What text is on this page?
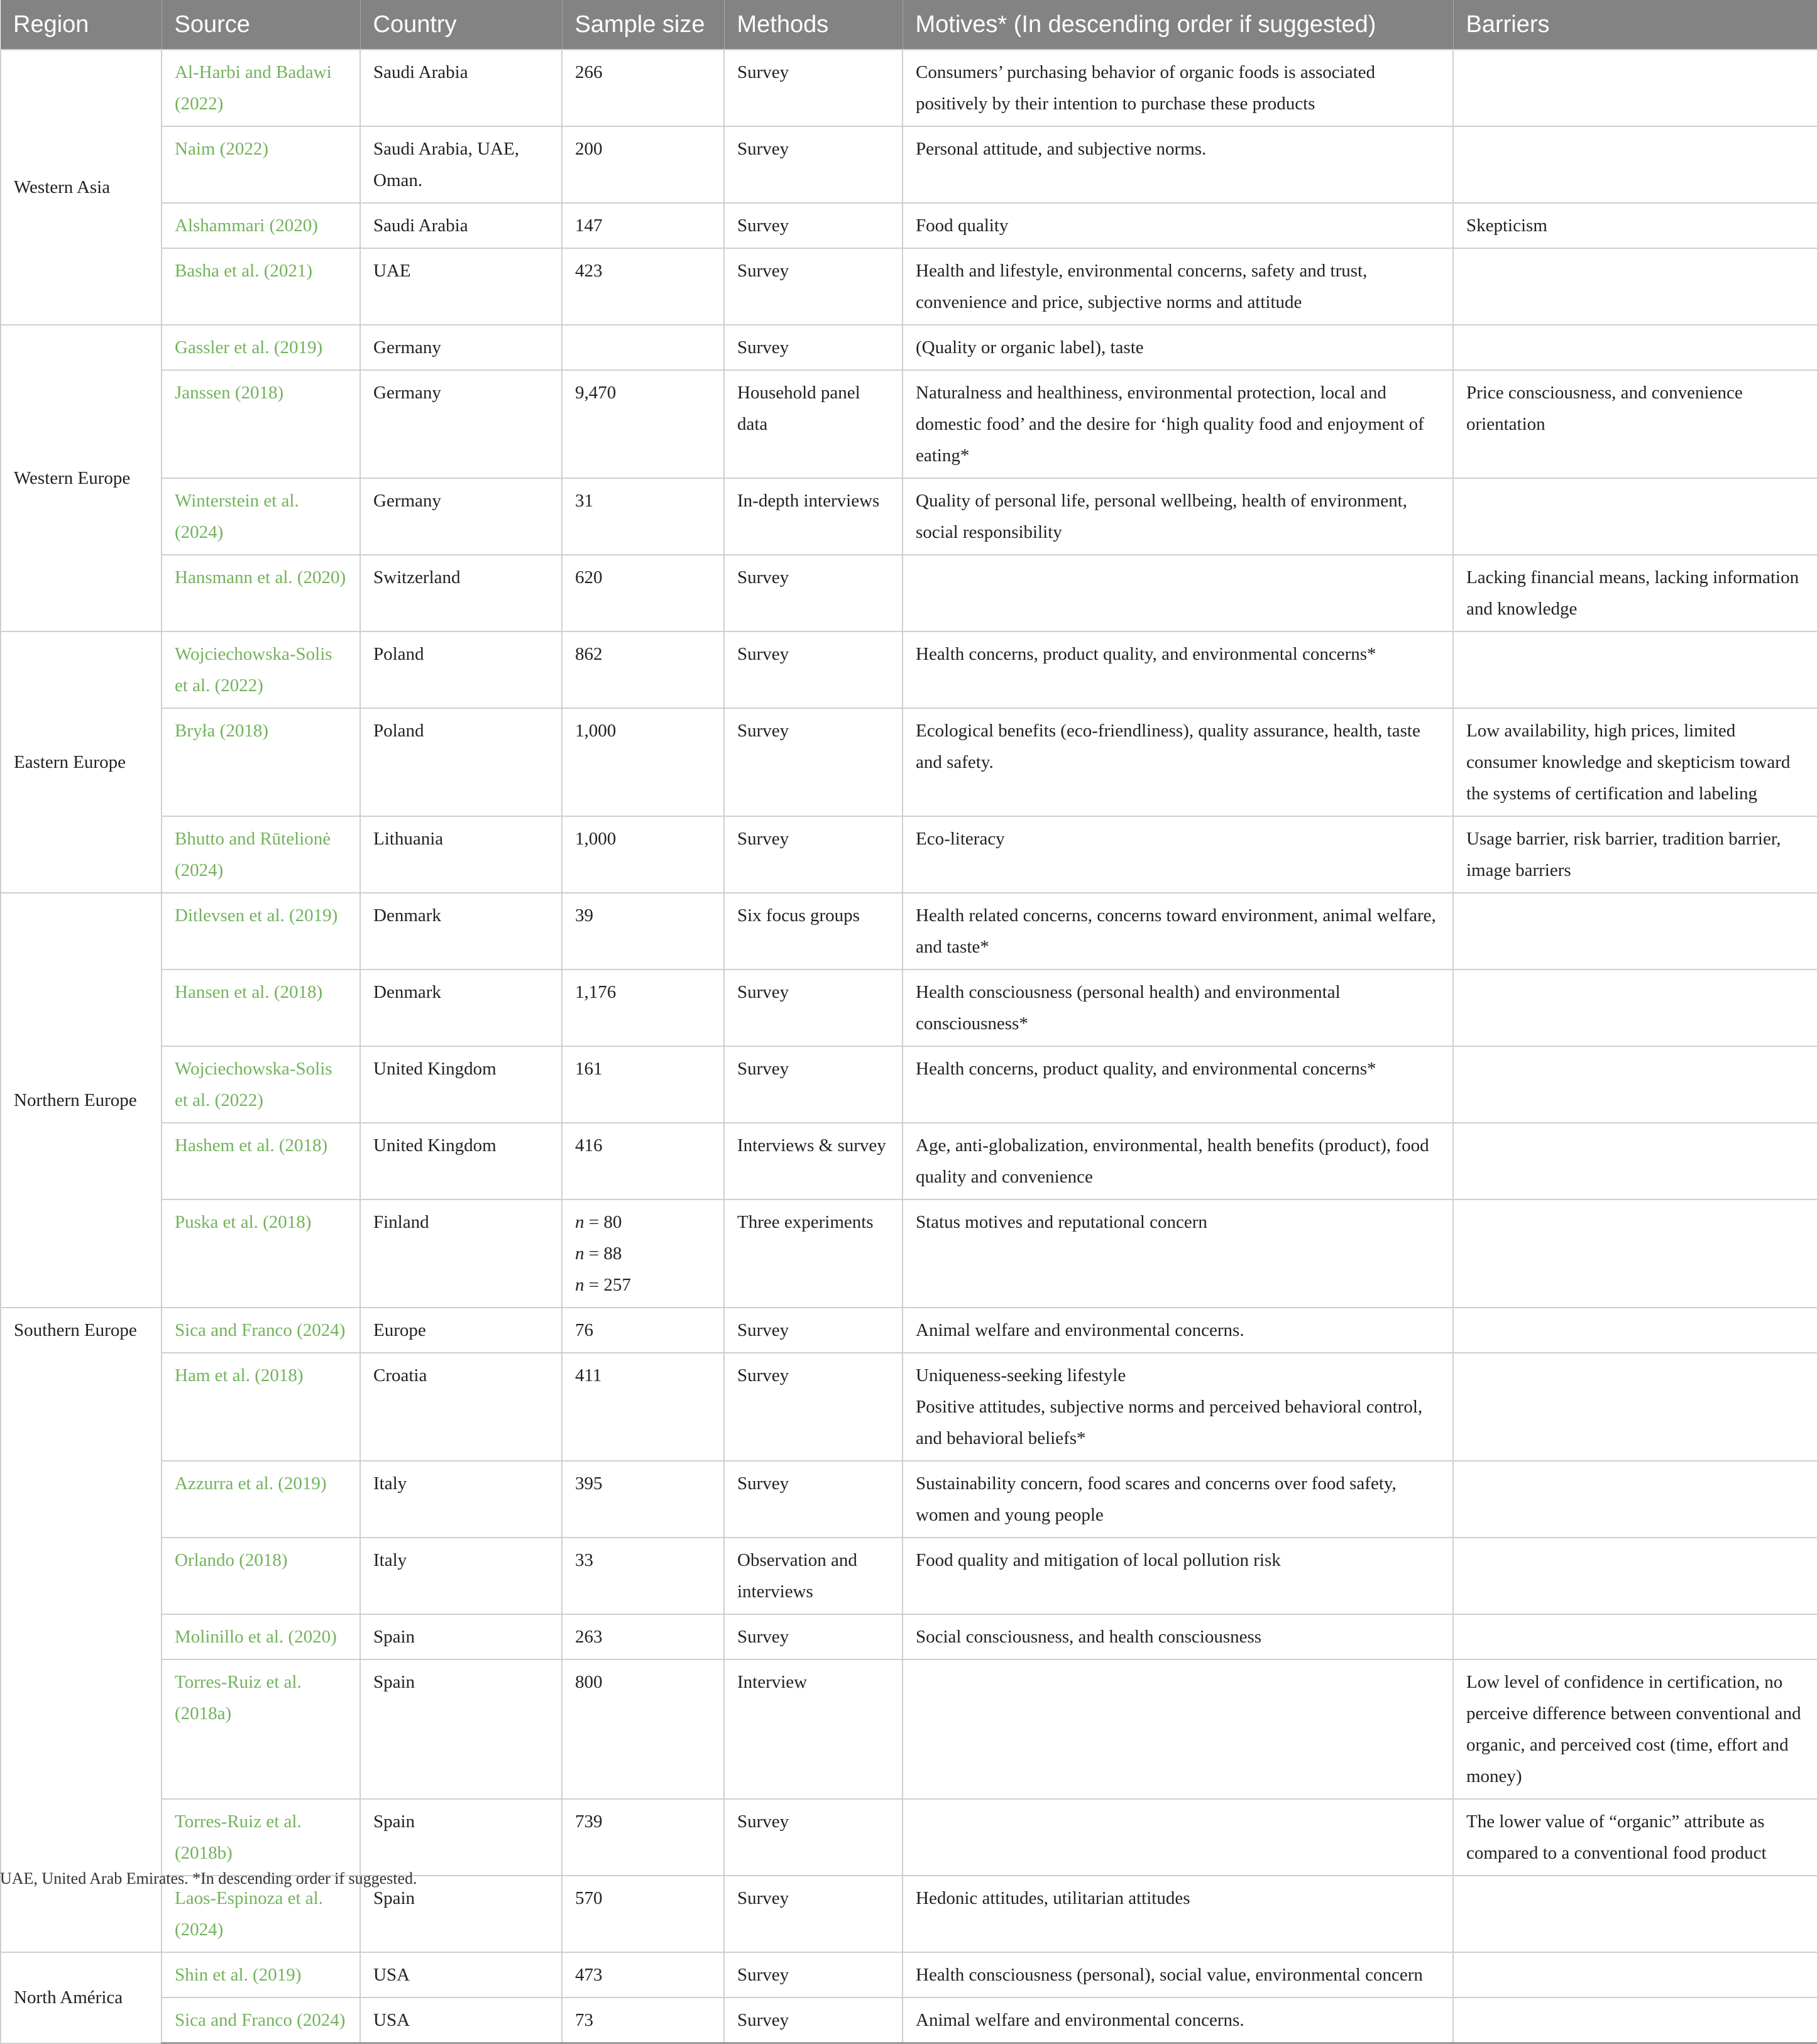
Region	Source	Country	Sample size	Methods	Motives* (In descending order if suggested)	Barriers
Western Asia	Al-Harbi and Badawi (2022)	Saudi Arabia	266	Survey	Consumers’ purchasing behavior of organic foods is associated positively by their intention to purchase these products	
	Naim (2022)	Saudi Arabia, UAE, Oman.	200	Survey	Personal attitude, and subjective norms.	
	Alshammari (2020)	Saudi Arabia	147	Survey	Food quality	Skepticism
	Basha et al. (2021)	UAE	423	Survey	Health and lifestyle, environmental concerns, safety and trust, convenience and price, subjective norms and attitude	
Western Europe	Gassler et al. (2019)	Germany		Survey	(Quality or organic label), taste	
	Janssen (2018)	Germany	9,470	Household panel data	Naturalness and healthiness, environmental protection, local and domestic food’ and the desire for ‘high quality food and enjoyment of eating*	Price consciousness, and convenience orientation
	Winterstein et al. (2024)	Germany	31	In-depth interviews	Quality of personal life, personal wellbeing, health of environment, social responsibility	
	Hansmann et al. (2020)	Switzerland	620	Survey		Lacking financial means, lacking information and knowledge
Eastern Europe	Wojciechowska-Solis et al. (2022)	Poland	862	Survey	Health concerns, product quality, and environmental concerns*	
	Bryła (2018)	Poland	1,000	Survey	Ecological benefits (eco-friendliness), quality assurance, health, taste and safety.	Low availability, high prices, limited consumer knowledge and skepticism toward the systems of certification and labeling
	Bhutto and Rūtelionė (2024)	Lithuania	1,000	Survey	Eco-literacy	Usage barrier, risk barrier, tradition barrier, image barriers
Northern Europe	Ditlevsen et al. (2019)	Denmark	39	Six focus groups	Health related concerns, concerns toward environment, animal welfare, and taste*	
	Hansen et al. (2018)	Denmark	1,176	Survey	Health consciousness (personal health) and environmental consciousness*	
	Wojciechowska-Solis et al. (2022)	United Kingdom	161	Survey	Health concerns, product quality, and environmental concerns*	
	Hashem et al. (2018)	United Kingdom	416	Interviews & survey	Age, anti-globalization, environmental, health benefits (product), food quality and convenience	
	Puska et al. (2018)	Finland	n = 80
n = 88
n = 257	Three experiments	Status motives and reputational concern	
Southern Europe	Sica and Franco (2024)	Europe	76	Survey	Animal welfare and environmental concerns.	
	Ham et al. (2018)	Croatia	411	Survey	Uniqueness-seeking lifestyle
Positive attitudes, subjective norms and perceived behavioral control, and behavioral beliefs*	

	Azzurra et al. (2019)	Italy	395	Survey	Sustainability concern, food scares and concerns over food safety, women and young people	
	Orlando (2018)	Italy	33	Observation and interviews	Food quality and mitigation of local pollution risk	
	Molinillo et al. (2020)	Spain	263	Survey	Social consciousness, and health consciousness	
	Torres-Ruiz et al. (2018a)	Spain	800	Interview		Low level of confidence in certification, no perceive difference between conventional and organic, and perceived cost (time, effort and money)
	Torres-Ruiz et al. (2018b)	Spain	739	Survey		The lower value of “organic” attribute as compared to a conventional food product
	Laos-Espinoza et al. (2024)	Spain	570	Survey	Hedonic attitudes, utilitarian attitudes	
North América	Shin et al. (2019)	USA	473	Survey	Health consciousness (personal), social value, environmental concern	
	Sica and Franco (2024)	USA	73	Survey	Animal welfare and environmental concerns.	
UAE, United Arab Emirates. *In descending order if suggested.
